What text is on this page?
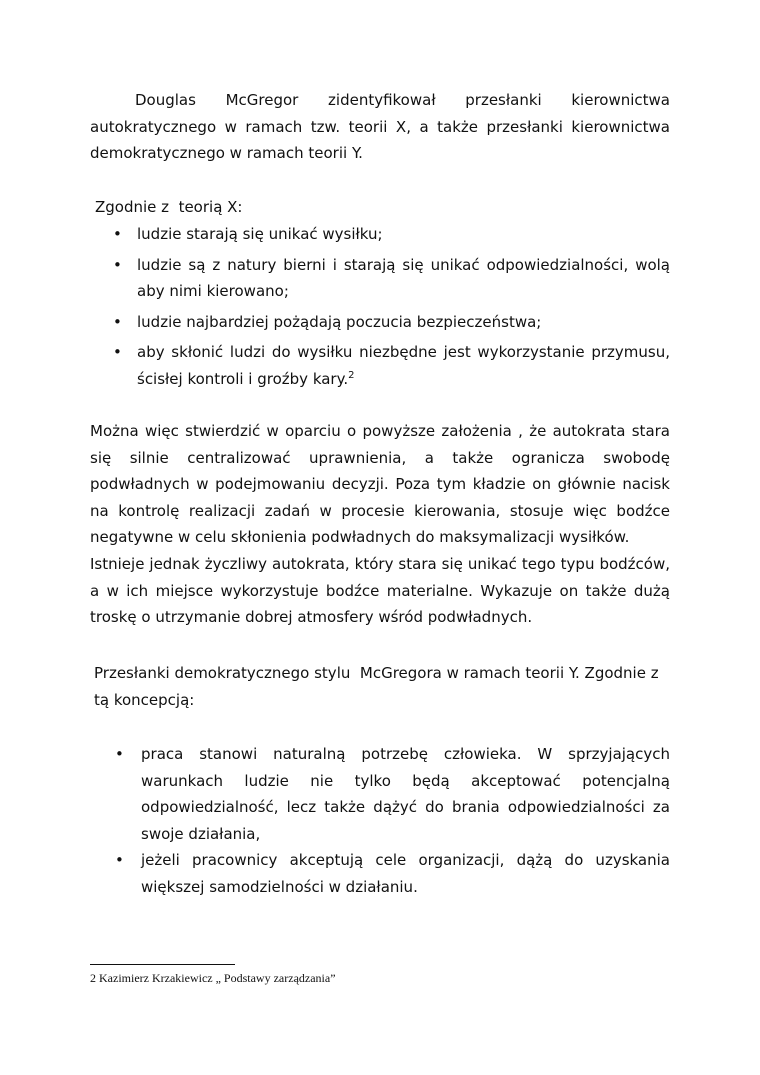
Douglas McGregor zidentyfikował przesłanki kierownictwa autokratycznego w ramach tzw. teorii X, a także przesłanki kierownictwa demokratycznego w ramach teorii Y.
Zgodnie z  teorią X:
• ludzie starają się unikać wysiłku;
• ludzie są z natury bierni i starają się unikać odpowiedzialności, wolą aby nimi kierowano;
• ludzie najbardziej pożądają poczucia bezpieczeństwa;
• aby skłonić ludzi do wysiłku niezbędne jest wykorzystanie przymusu, ścisłej kontroli i groźby kary.$^2$
Można więc stwierdzić w oparciu o powyższe założenia , że autokrata stara się silnie centralizować uprawnienia, a także ogranicza swobodę podwładnych w podejmowaniu decyzji. Poza tym kładzie on głównie nacisk na kontrolę realizacji zadań w procesie kierowania, stosuje więc bodźce negatywne w celu skłonienia podwładnych do maksymalizacji wysiłków.
Istnieje jednak życzliwy autokrata, który stara się unikać tego typu bodźców, a w ich miejsce wykorzystuje bodźce materialne. Wykazuje on także dużą troskę o utrzymanie dobrej atmosfery wśród podwładnych.
Przesłanki demokratycznego stylu  McGregora w ramach teorii Y. Zgodnie z tą koncepcją:
• praca stanowi naturalną potrzebę człowieka. W sprzyjających warunkach ludzie nie tylko będą akceptować potencjalną odpowiedzialność, lecz także dążyć do brania odpowiedzialności za swoje działania,
• jeżeli pracownicy akceptują cele organizacji, dążą do uzyskania większej samodzielności w działaniu.
2 Kazimierz Krzakiewicz „ Podstawy zarządzania”
